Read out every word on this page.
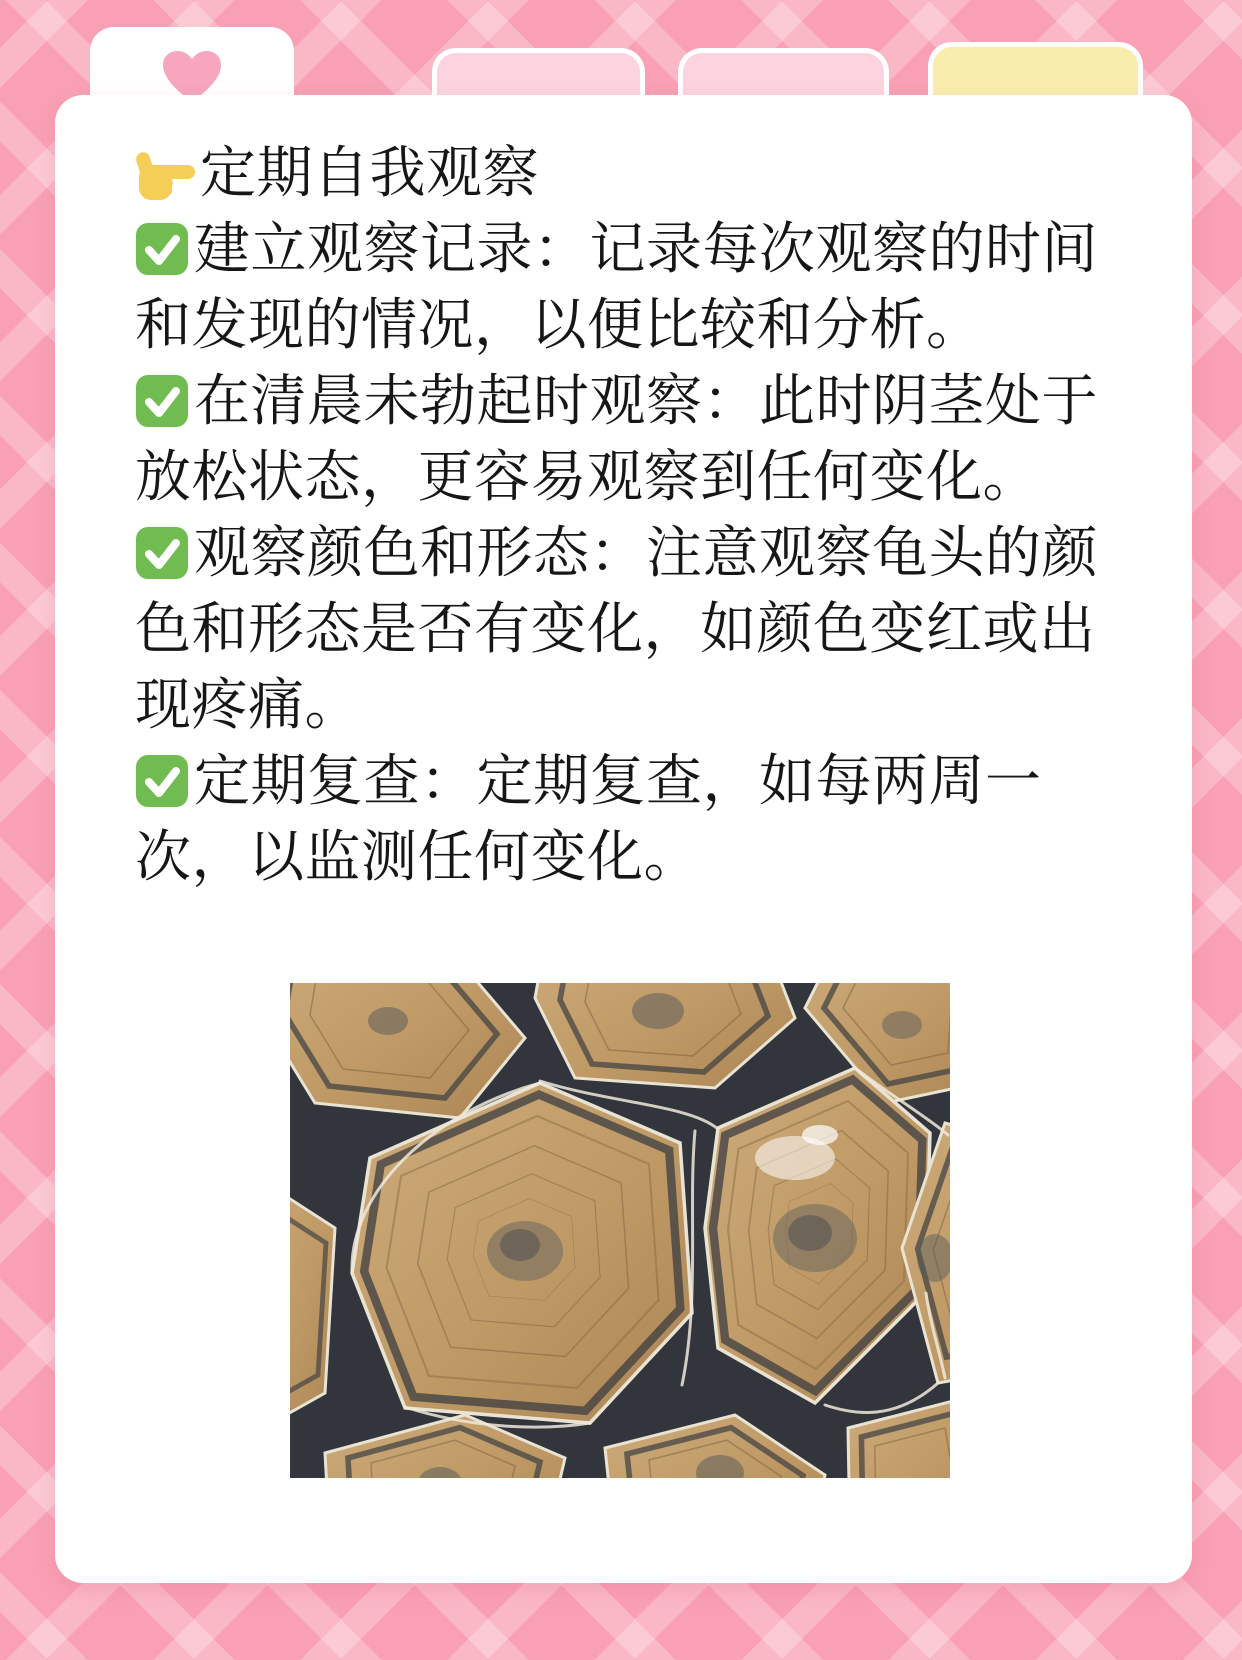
定期自我观察

建立观察记录：记录每次观察的时间和发现的情况，以便比较和分析。

在清晨未勃起时观察：此时阴茎处于放松状态，更容易观察到任何变化。

观察颜色和形态：注意观察龟头的颜色和形态是否有变化，如颜色变红或出现疼痛。

定期复查：定期复查，如每两周一次，以监测任何变化。
